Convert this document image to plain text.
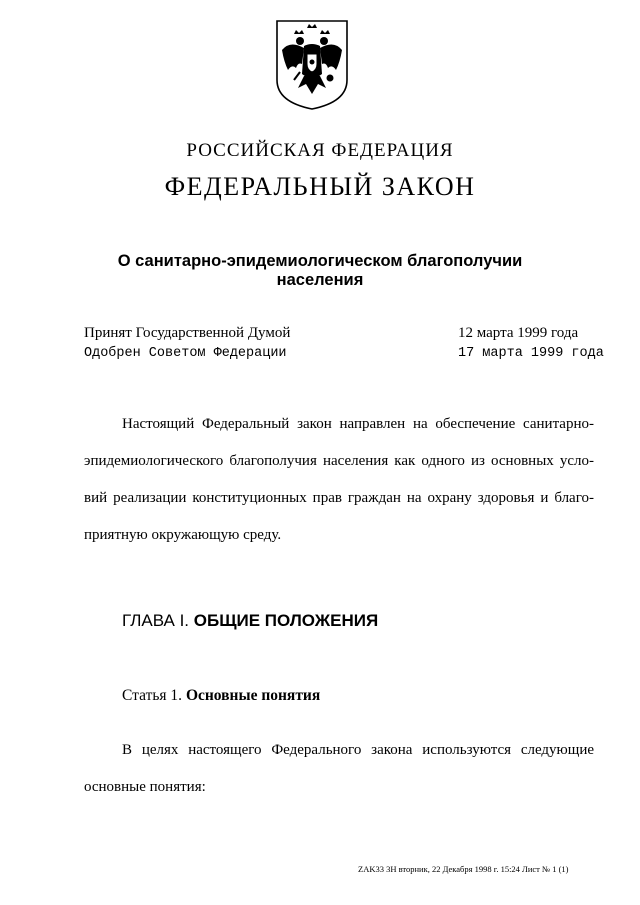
РОССИЙСКАЯ ФЕДЕРАЦИЯ
ФЕДЕРАЛЬНЫЙ ЗАКОН
О санитарно-эпидемиологическом благополучии
населения
Принят Государственной Думой	12 марта 1999 года
Одобрен Советом Федерации	17 марта 1999 года
Настоящий Федеральный закон направлен на обеспечение санитарно-
эпидемиологического благополучия населения как одного из основных усло-
вий реализации конституционных прав граждан на охрану здоровья и благо-
приятную окружающую среду.
ГЛАВА I. ОБЩИЕ ПОЛОЖЕНИЯ
Статья 1. Основные понятия
В целях настоящего Федерального закона используются следующие
основные понятия:
ZAK33 3Н вторник, 22 Декабря 1998 г. 15:24 Лист № 1 (1)
